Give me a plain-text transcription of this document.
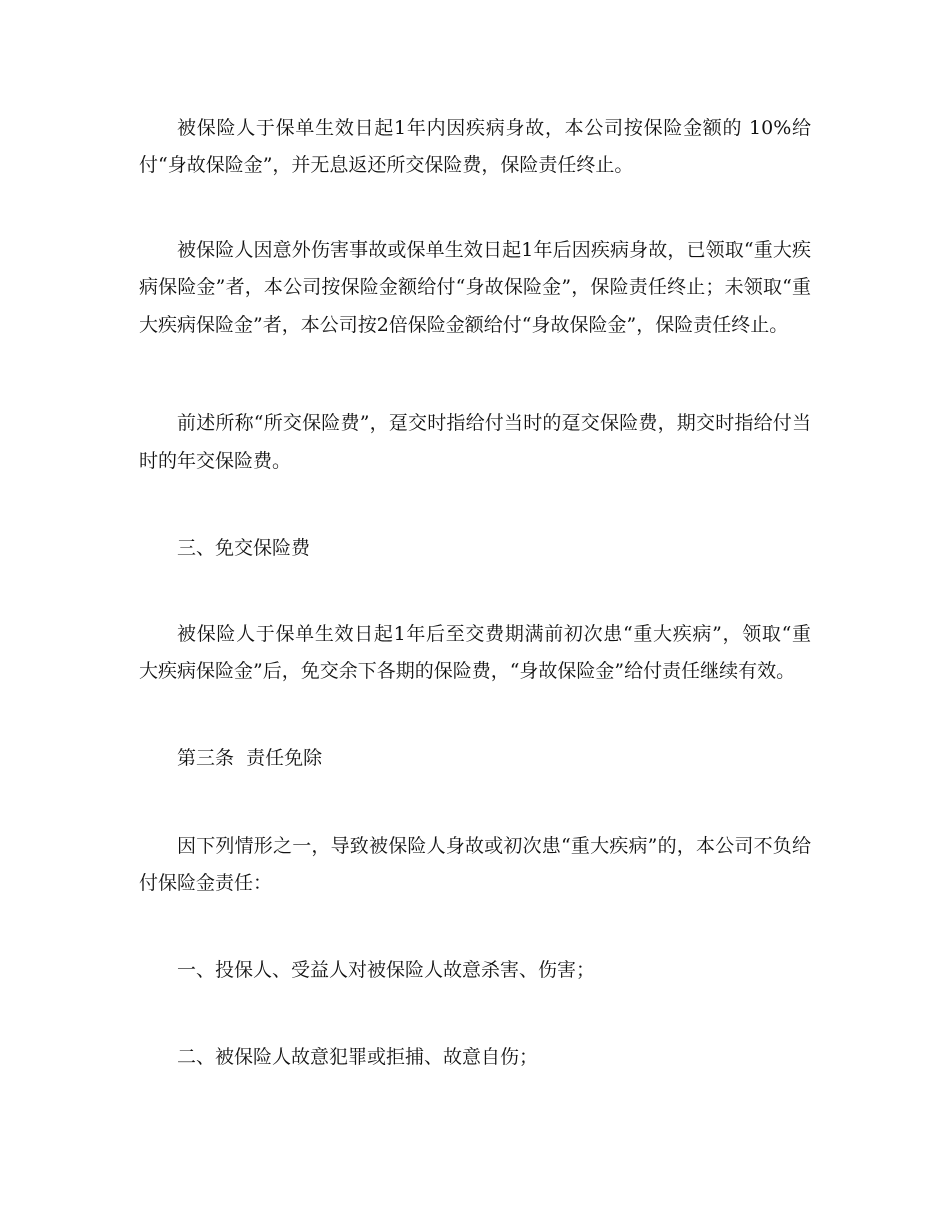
被保险人于保单生效日起1年内因疾病身故，本公司按保险金额的 10%给
付“身故保险金”，并无息返还所交保险费，保险责任终止。
被保险人因意外伤害事故或保单生效日起1年后因疾病身故，已领取“重大疾
病保险金”者，本公司按保险金额给付“身故保险金”，保险责任终止；未领取“重
大疾病保险金”者，本公司按2倍保险金额给付“身故保险金”，保险责任终止。
前述所称“所交保险费”，趸交时指给付当时的趸交保险费，期交时指给付当
时的年交保险费。
三、免交保险费
被保险人于保单生效日起1年后至交费期满前初次患“重大疾病”，领取“重
大疾病保险金”后，免交余下各期的保险费，“身故保险金”给付责任继续有效。
第三条  责任免除
因下列情形之一，导致被保险人身故或初次患“重大疾病”的，本公司不负给
付保险金责任：
一、投保人、受益人对被保险人故意杀害、伤害；
二、被保险人故意犯罪或拒捕、故意自伤；
